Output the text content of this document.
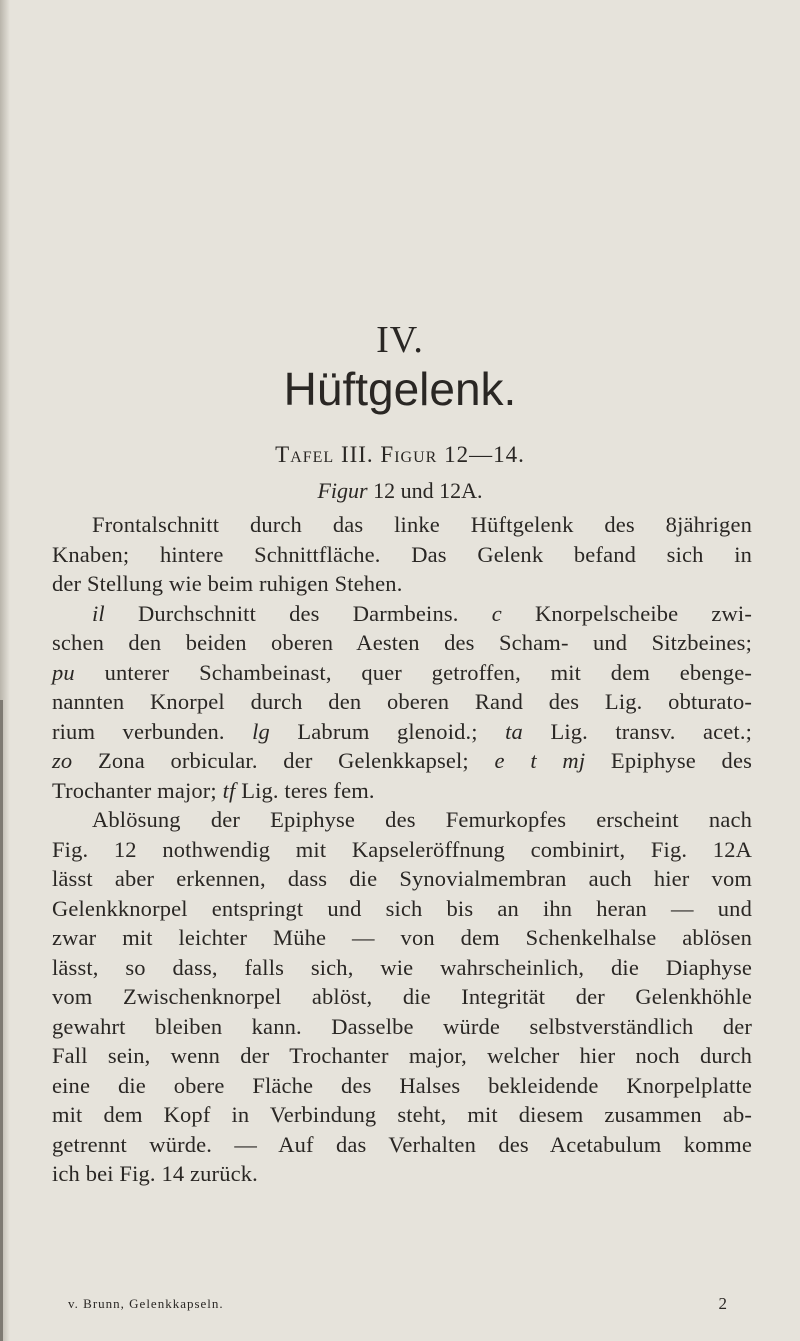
IV.
Hüftgelenk.
Tafel III. Figur 12—14.
Figur 12 und 12A.
Frontalschnitt durch das linke Hüftgelenk des 8jährigen
Knaben; hintere Schnittfläche. Das Gelenk befand sich in
der Stellung wie beim ruhigen Stehen.
il Durchschnitt des Darmbeins. c Knorpelscheibe zwi-
schen den beiden oberen Aesten des Scham- und Sitzbeines;
pu unterer Schambeinast, quer getroffen, mit dem ebenge-
nannten Knorpel durch den oberen Rand des Lig. obturato-
rium verbunden. lg Labrum glenoid.; ta Lig. transv. acet.;
zo Zona orbicular. der Gelenkkapsel; e t mj Epiphyse des
Trochanter major; tf Lig. teres fem.
Ablösung der Epiphyse des Femurkopfes erscheint nach
Fig. 12 nothwendig mit Kapseleröffnung combinirt, Fig. 12A
lässt aber erkennen, dass die Synovialmembran auch hier vom
Gelenkknorpel entspringt und sich bis an ihn heran — und
zwar mit leichter Mühe — von dem Schenkelhalse ablösen
lässt, so dass, falls sich, wie wahrscheinlich, die Diaphyse
vom Zwischenknorpel ablöst, die Integrität der Gelenkhöhle
gewahrt bleiben kann. Dasselbe würde selbstverständlich der
Fall sein, wenn der Trochanter major, welcher hier noch durch
eine die obere Fläche des Halses bekleidende Knorpelplatte
mit dem Kopf in Verbindung steht, mit diesem zusammen ab-
getrennt würde. — Auf das Verhalten des Acetabulum komme
ich bei Fig. 14 zurück.
v. Brunn, Gelenkkapseln.	2
